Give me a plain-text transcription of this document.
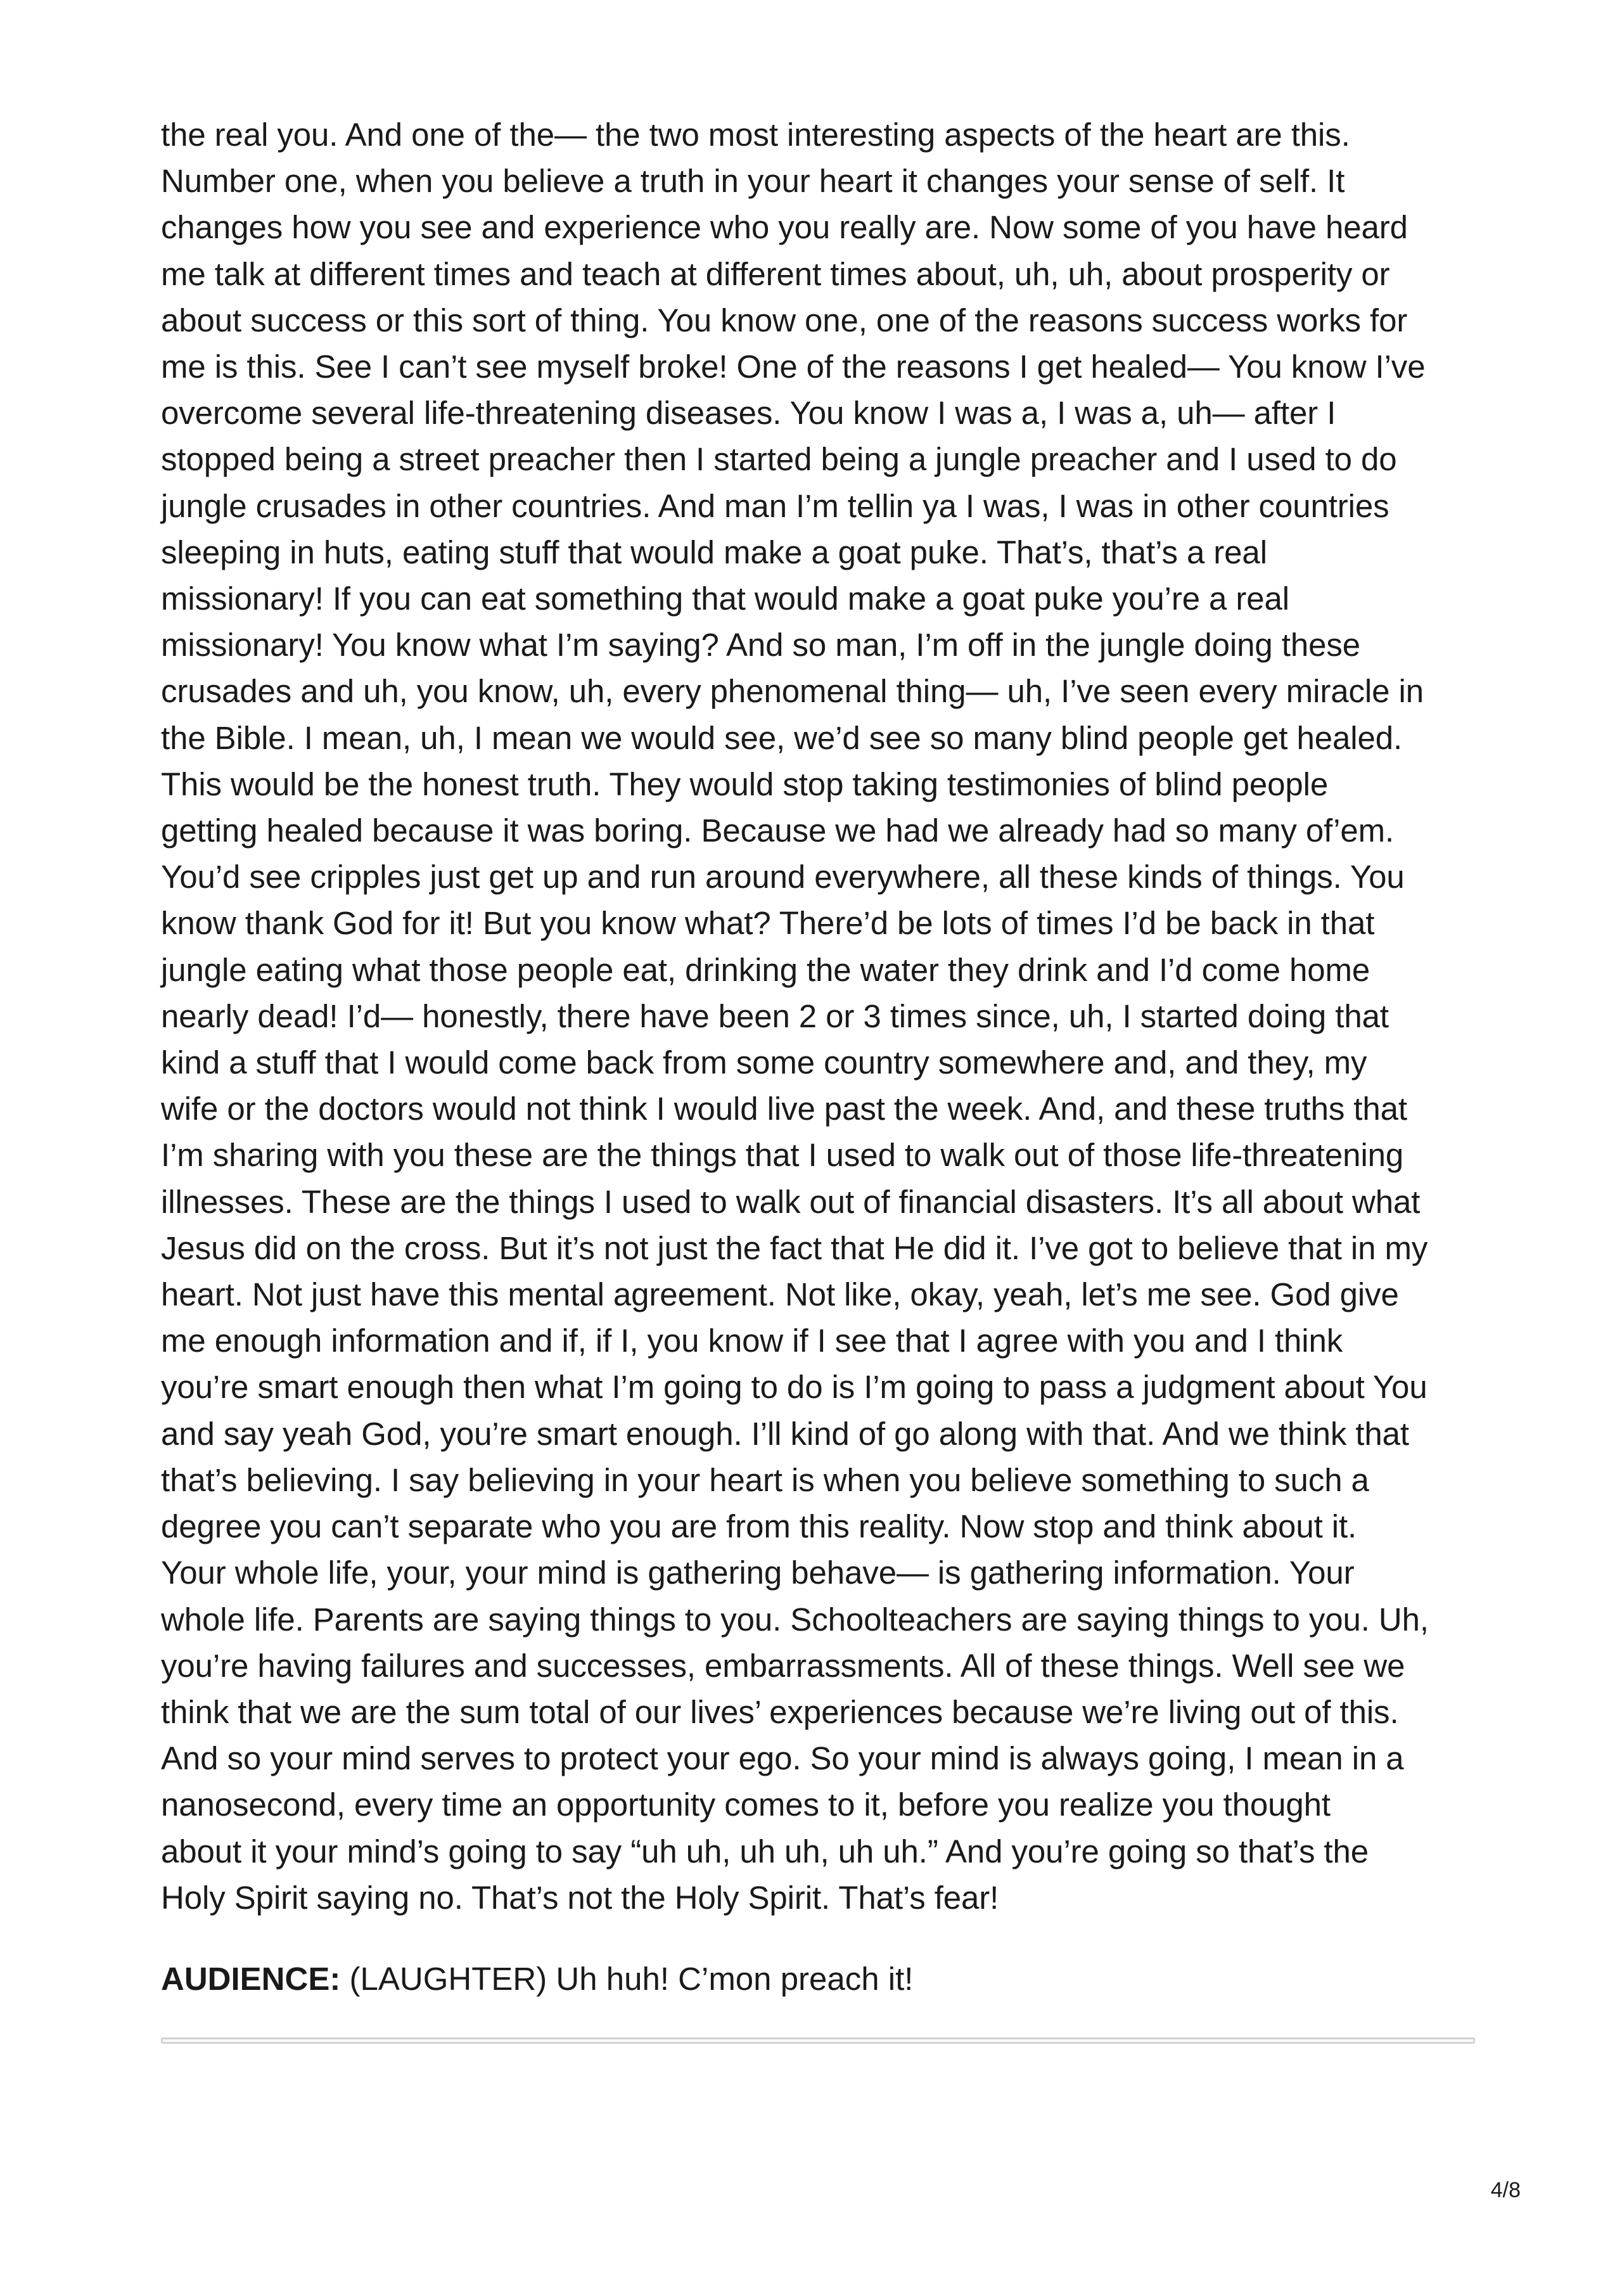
the real you. And one of the— the two most interesting aspects of the heart are this.
Number one, when you believe a truth in your heart it changes your sense of self. It
changes how you see and experience who you really are. Now some of you have heard
me talk at different times and teach at different times about, uh, uh, about prosperity or
about success or this sort of thing. You know one, one of the reasons success works for
me is this. See I can’t see myself broke! One of the reasons I get healed— You know I’ve
overcome several life-threatening diseases. You know I was a, I was a, uh— after I
stopped being a street preacher then I started being a jungle preacher and I used to do
jungle crusades in other countries. And man I’m tellin ya I was, I was in other countries
sleeping in huts, eating stuff that would make a goat puke. That’s, that’s a real
missionary! If you can eat something that would make a goat puke you’re a real
missionary! You know what I’m saying? And so man, I’m off in the jungle doing these
crusades and uh, you know, uh, every phenomenal thing— uh, I’ve seen every miracle in
the Bible. I mean, uh, I mean we would see, we’d see so many blind people get healed.
This would be the honest truth. They would stop taking testimonies of blind people
getting healed because it was boring. Because we had we already had so many of’em.
You’d see cripples just get up and run around everywhere, all these kinds of things. You
know thank God for it! But you know what? There’d be lots of times I’d be back in that
jungle eating what those people eat, drinking the water they drink and I’d come home
nearly dead! I’d— honestly, there have been 2 or 3 times since, uh, I started doing that
kind a stuff that I would come back from some country somewhere and, and they, my
wife or the doctors would not think I would live past the week. And, and these truths that
I’m sharing with you these are the things that I used to walk out of those life-threatening
illnesses. These are the things I used to walk out of financial disasters. It’s all about what
Jesus did on the cross. But it’s not just the fact that He did it. I’ve got to believe that in my
heart. Not just have this mental agreement. Not like, okay, yeah, let’s me see. God give
me enough information and if, if I, you know if I see that I agree with you and I think
you’re smart enough then what I’m going to do is I’m going to pass a judgment about You
and say yeah God, you’re smart enough. I’ll kind of go along with that. And we think that
that’s believing. I say believing in your heart is when you believe something to such a
degree you can’t separate who you are from this reality. Now stop and think about it.
Your whole life, your, your mind is gathering behave— is gathering information. Your
whole life. Parents are saying things to you. Schoolteachers are saying things to you. Uh,
you’re having failures and successes, embarrassments. All of these things. Well see we
think that we are the sum total of our lives’ experiences because we’re living out of this.
And so your mind serves to protect your ego. So your mind is always going, I mean in a
nanosecond, every time an opportunity comes to it, before you realize you thought
about it your mind’s going to say “uh uh, uh uh, uh uh.” And you’re going so that’s the
Holy Spirit saying no. That’s not the Holy Spirit. That’s fear!

AUDIENCE: (LAUGHTER) Uh huh! C’mon preach it!

4/8
